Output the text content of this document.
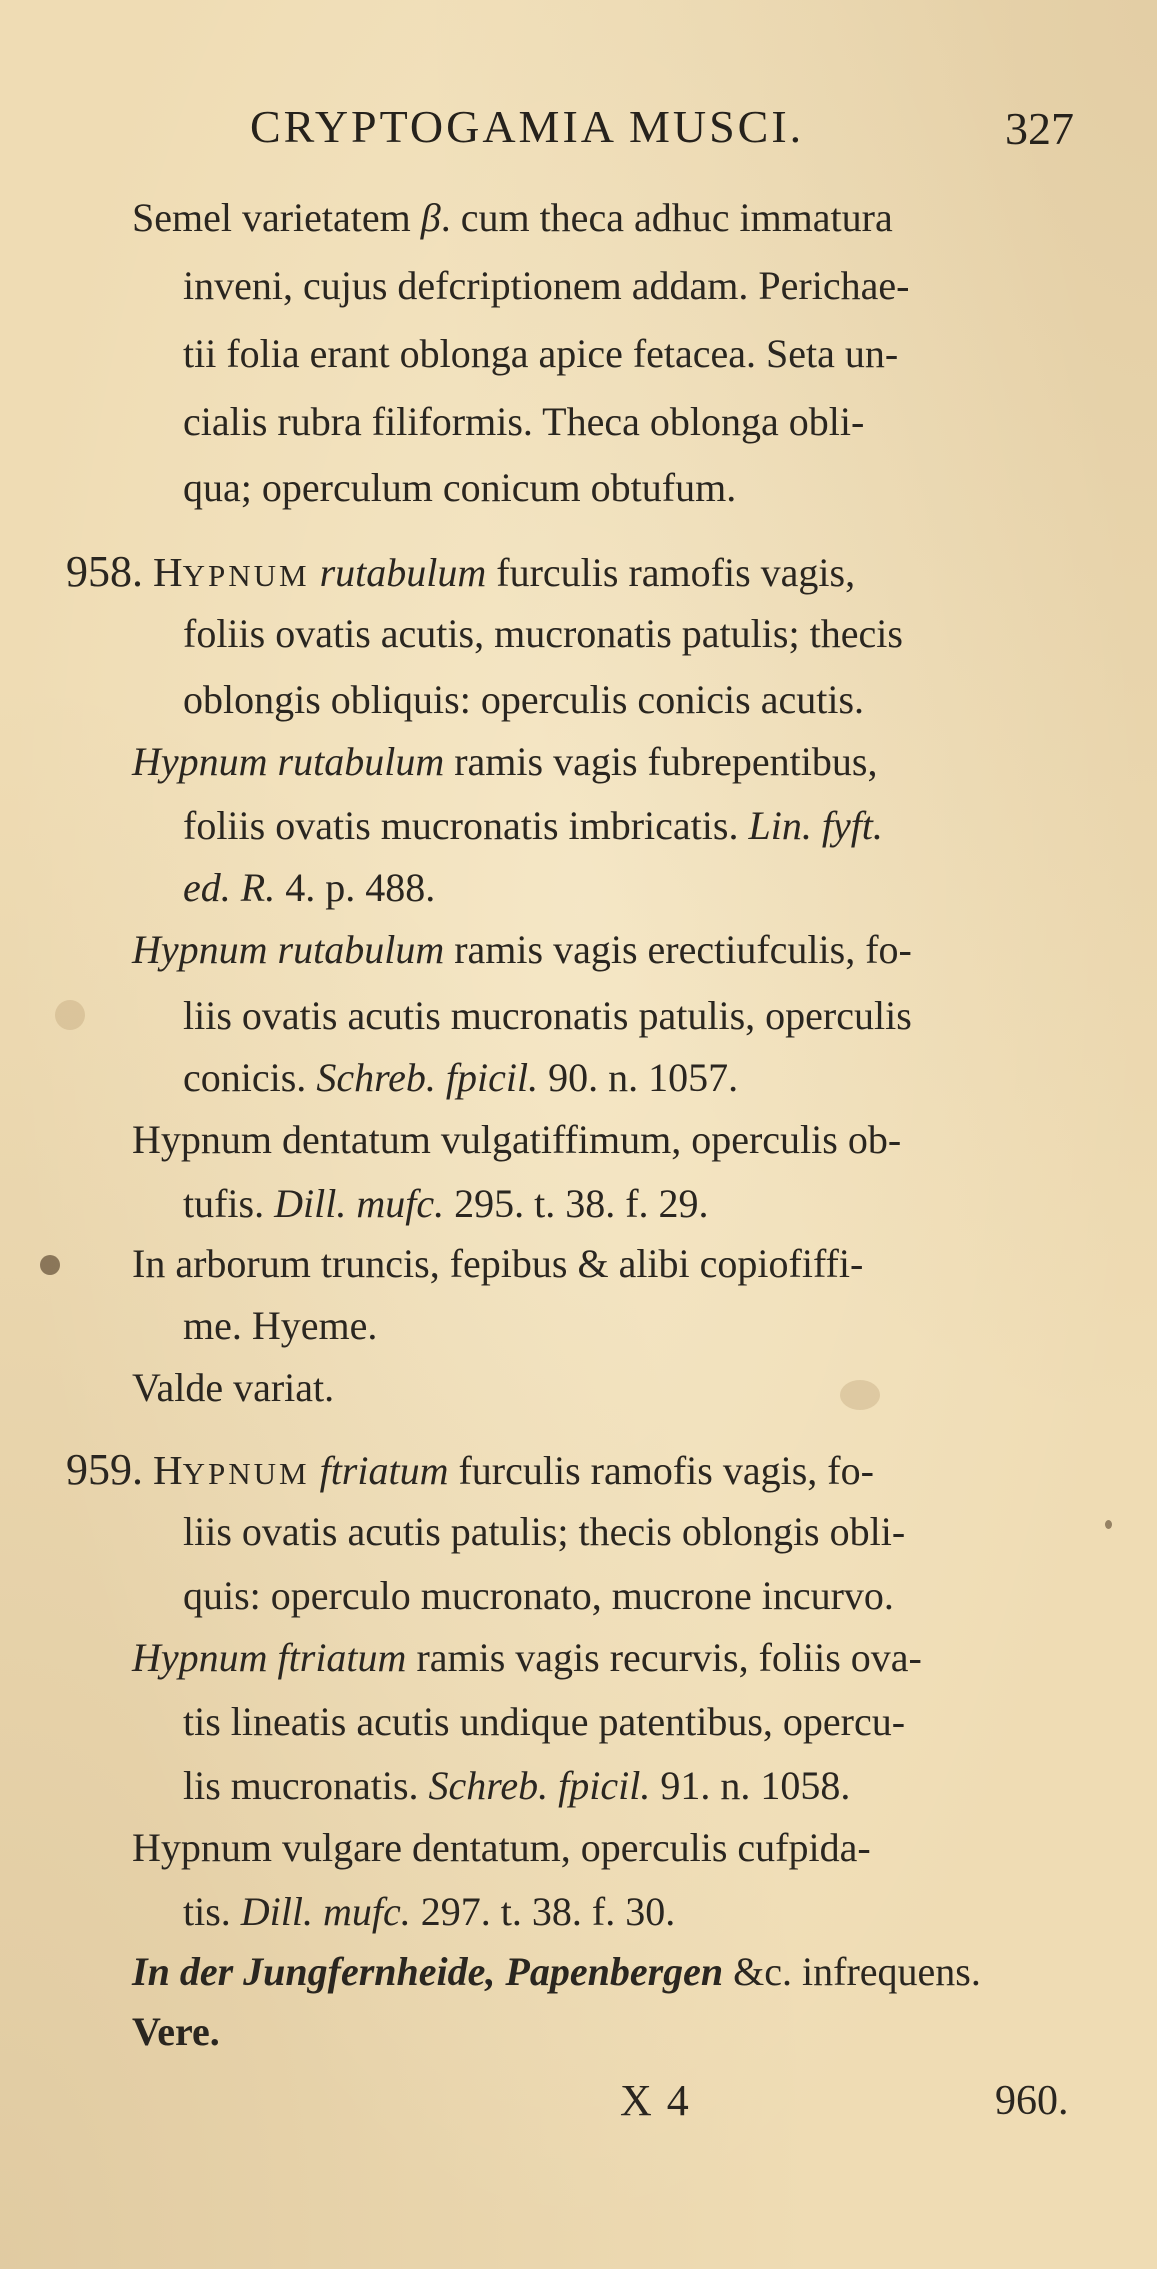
CRYPTOGAMIA MUSCI.	327
Semel varietatem β. cum theca adhuc immatura
inveni, cujus defcriptionem addam. Perichae-
tii folia erant oblonga apice fetacea. Seta un-
cialis rubra filiformis. Theca oblonga obli-
qua; operculum conicum obtufum.
958. HYPNUM rutabulum furculis ramofis vagis,
foliis ovatis acutis, mucronatis patulis; thecis
oblongis obliquis: operculis conicis acutis.
Hypnum rutabulum ramis vagis fubrepentibus,
foliis ovatis mucronatis imbricatis. Lin. fyft.
ed. R. 4. p. 488.
Hypnum rutabulum ramis vagis erectiufculis, fo-
liis ovatis acutis mucronatis patulis, operculis
conicis. Schreb. fpicil. 90. n. 1057.
Hypnum dentatum vulgatiffimum, operculis ob-
tufis. Dill. mufc. 295. t. 38. f. 29.
In arborum truncis, fepibus & alibi copiofiffi-
me. Hyeme.
Valde variat.
959. HYPNUM ftriatum furculis ramofis vagis, fo-
liis ovatis acutis patulis; thecis oblongis obli-
quis: operculo mucronato, mucrone incurvo.
Hypnum ftriatum ramis vagis recurvis, foliis ova-
tis lineatis acutis undique patentibus, opercu-
lis mucronatis. Schreb. fpicil. 91. n. 1058.
Hypnum vulgare dentatum, operculis cufpida-
tis. Dill. mufc. 297. t. 38. f. 30.
In der Jungfernheide, Papenbergen &c. infrequens.
Vere.
X 4	960.
